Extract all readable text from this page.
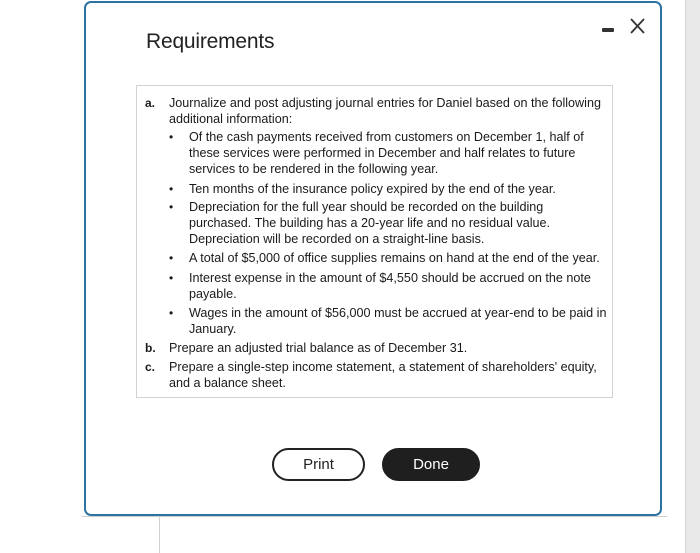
Requirements
a. Journalize and post adjusting journal entries for Daniel based on the following additional information:
• Of the cash payments received from customers on December 1, half of these services were performed in December and half relates to future services to be rendered in the following year.
• Ten months of the insurance policy expired by the end of the year.
• Depreciation for the full year should be recorded on the building purchased. The building has a 20-year life and no residual value. Depreciation will be recorded on a straight-line basis.
• A total of $5,000 of office supplies remains on hand at the end of the year.
• Interest expense in the amount of $4,550 should be accrued on the note payable.
• Wages in the amount of $56,000 must be accrued at year-end to be paid in January.
b. Prepare an adjusted trial balance as of December 31.
c. Prepare a single-step income statement, a statement of shareholders' equity, and a balance sheet.
Print	Done
